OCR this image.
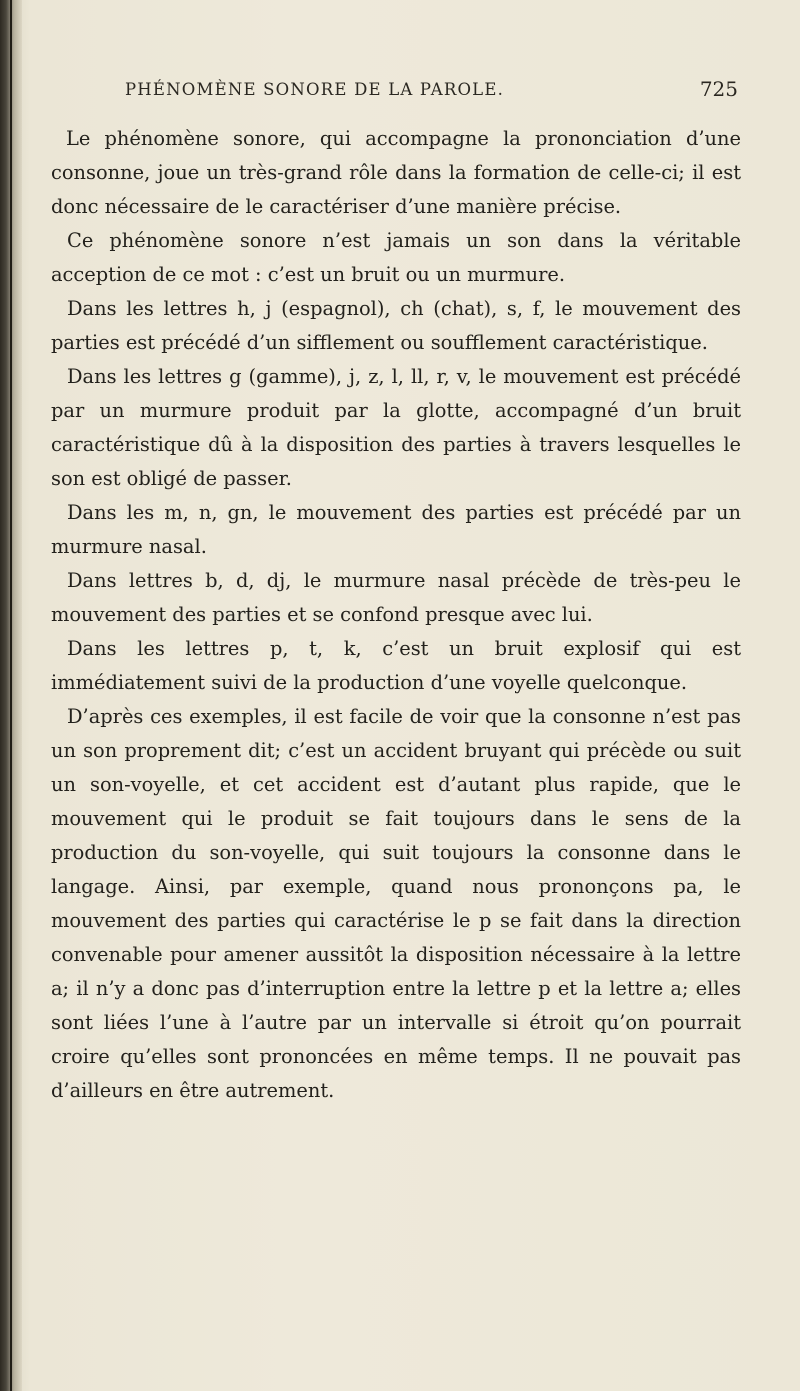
PHÉNOMÈNE SONORE DE LA PAROLE.	725

Le phénomène sonore, qui accompagne la prononciation d’une consonne, joue un très-grand rôle dans la formation de celle-ci; il est donc nécessaire de le caractériser d’une manière précise.

Ce phénomène sonore n’est jamais un son dans la véritable acception de ce mot : c’est un bruit ou un murmure.

Dans les lettres h, j (espagnol), ch (chat), s, f, le mouvement des parties est précédé d’un sifflement ou soufflement caractéristique.

Dans les lettres g (gamme), j, z, l, ll, r, v, le mouvement est précédé par un murmure produit par la glotte, accompagné d’un bruit caractéristique dû à la disposition des parties à travers lesquelles le son est obligé de passer.

Dans les m, n, gn, le mouvement des parties est précédé par un murmure nasal.

Dans lettres b, d, dj, le murmure nasal précède de très-peu le mouvement des parties et se confond presque avec lui.

Dans les lettres p, t, k, c’est un bruit explosif qui est immédiatement suivi de la production d’une voyelle quelconque.

D’après ces exemples, il est facile de voir que la consonne n’est pas un son proprement dit; c’est un accident bruyant qui précède ou suit un son-voyelle, et cet accident est d’autant plus rapide, que le mouvement qui le produit se fait toujours dans le sens de la production du son-voyelle, qui suit toujours la consonne dans le langage. Ainsi, par exemple, quand nous prononçons pa, le mouvement des parties qui caractérise le p se fait dans la direction convenable pour amener aussitôt la disposition nécessaire à la lettre a; il n’y a donc pas d’interruption entre la lettre p et la lettre a; elles sont liées l’une à l’autre par un intervalle si étroit qu’on pourrait croire qu’elles sont prononcées en même temps. Il ne pouvait pas d’ailleurs en être autrement.
